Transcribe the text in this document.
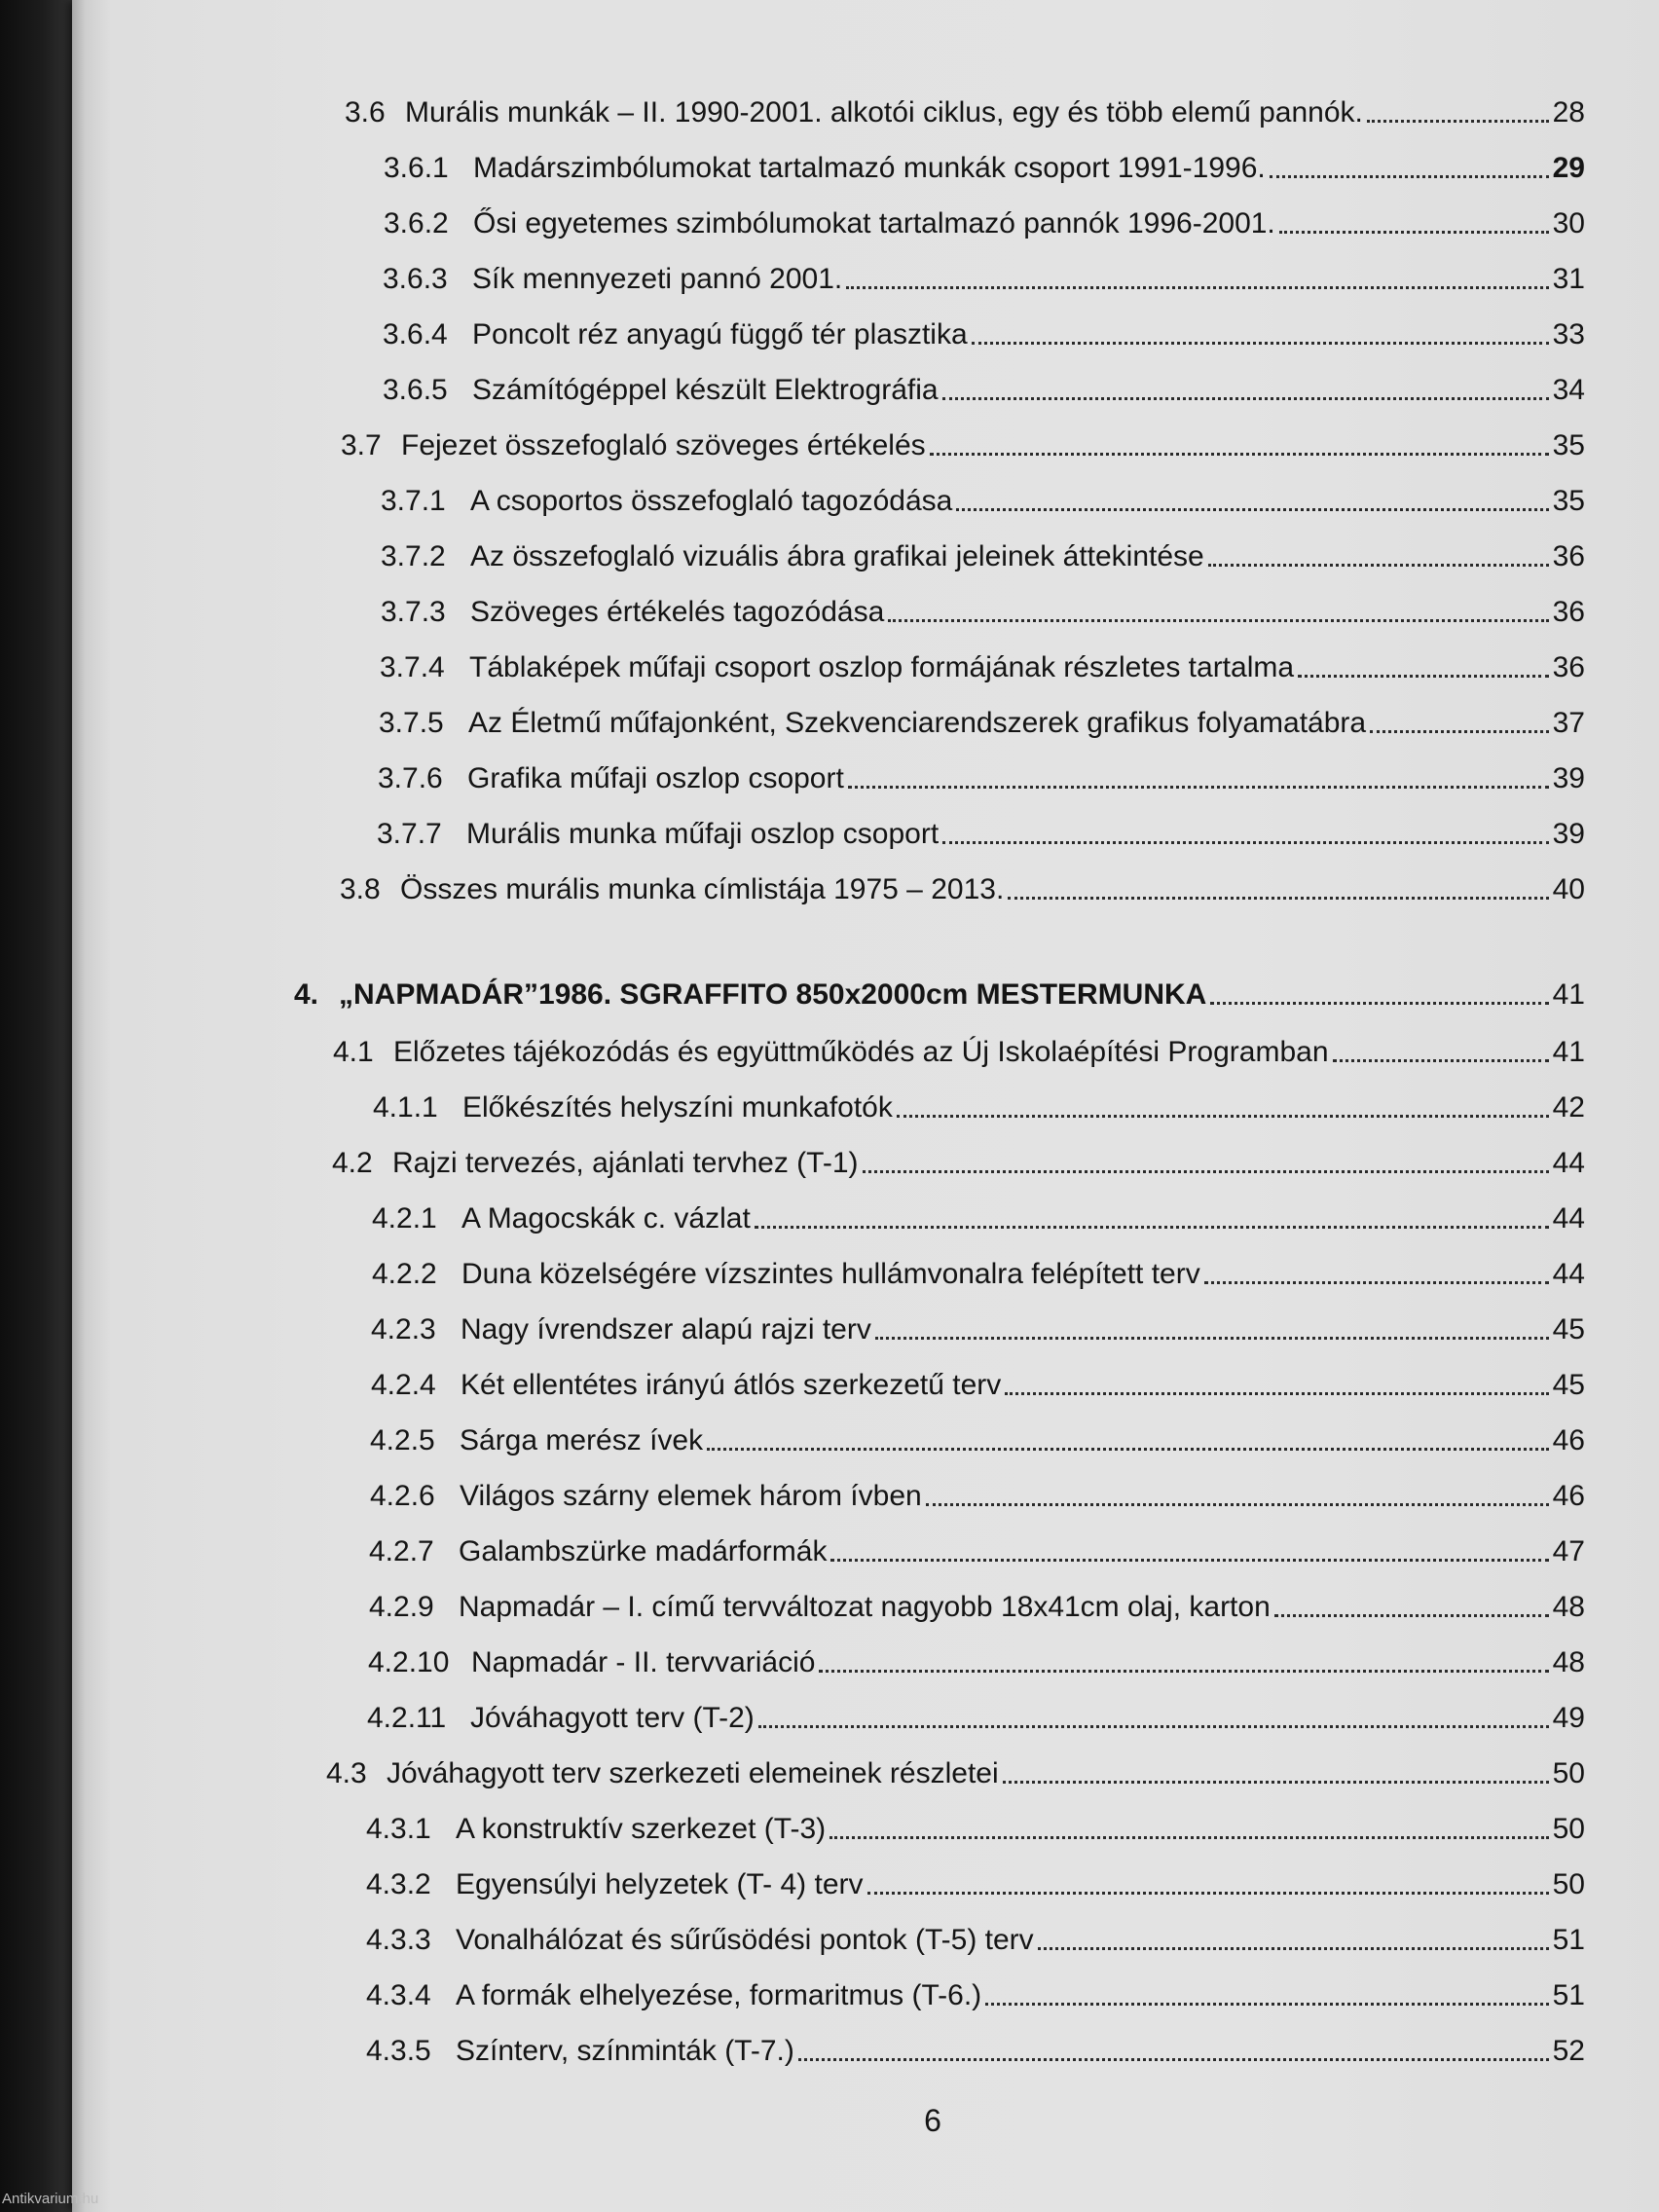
3.6 Murális munkák – II. 1990-2001. alkotói ciklus, egy és több elemű pannók.	28
3.6.1 Madárszimbólumokat tartalmazó munkák csoport 1991-1996.	29
3.6.2 Ősi egyetemes szimbólumokat tartalmazó pannók 1996-2001.	30
3.6.3 Sík mennyezeti pannó 2001.	31
3.6.4 Poncolt réz anyagú függő tér plasztika	33
3.6.5 Számítógéppel készült Elektrográfia	34
3.7 Fejezet összefoglaló szöveges értékelés	35
3.7.1 A csoportos összefoglaló tagozódása	35
3.7.2 Az összefoglaló vizuális ábra grafikai jeleinek áttekintése	36
3.7.3 Szöveges értékelés tagozódása	36
3.7.4 Táblaképek műfaji csoport oszlop formájának részletes tartalma	36
3.7.5 Az Életmű műfajonként, Szekvenciarendszerek grafikus folyamatábra	37
3.7.6 Grafika műfaji oszlop csoport	39
3.7.7 Murális munka műfaji oszlop csoport	39
3.8 Összes murális munka címlistája 1975 – 2013.	40
4. „NAPMADÁR”1986. SGRAFFITO 850x2000cm MESTERMUNKA	41
4.1 Előzetes tájékozódás és együttműködés az Új Iskolaépítési Programban	41
4.1.1 Előkészítés helyszíni munkafotók	42
4.2 Rajzi tervezés, ajánlati tervhez (T-1)	44
4.2.1 A Magocskák c. vázlat	44
4.2.2 Duna közelségére vízszintes hullámvonalra felépített terv	44
4.2.3 Nagy ívrendszer alapú rajzi terv	45
4.2.4 Két ellentétes irányú átlós szerkezetű terv	45
4.2.5 Sárga merész ívek	46
4.2.6 Világos szárny elemek három ívben	46
4.2.7 Galambszürke madárformák	47
4.2.9 Napmadár – I. című tervváltozat nagyobb 18x41cm olaj, karton	48
4.2.10 Napmadár - II. tervvariáció	48
4.2.11 Jóváhagyott terv (T-2)	49
4.3 Jóváhagyott terv szerkezeti elemeinek részletei	50
4.3.1 A konstruktív szerkezet (T-3)	50
4.3.2 Egyensúlyi helyzetek (T- 4) terv	50
4.3.3 Vonalhálózat és sűrűsödési pontok (T-5) terv	51
4.3.4 A formák elhelyezése, formaritmus (T-6.)	51
4.3.5 Színterv, színminták (T-7.)	52
6
Antikvarium.hu
